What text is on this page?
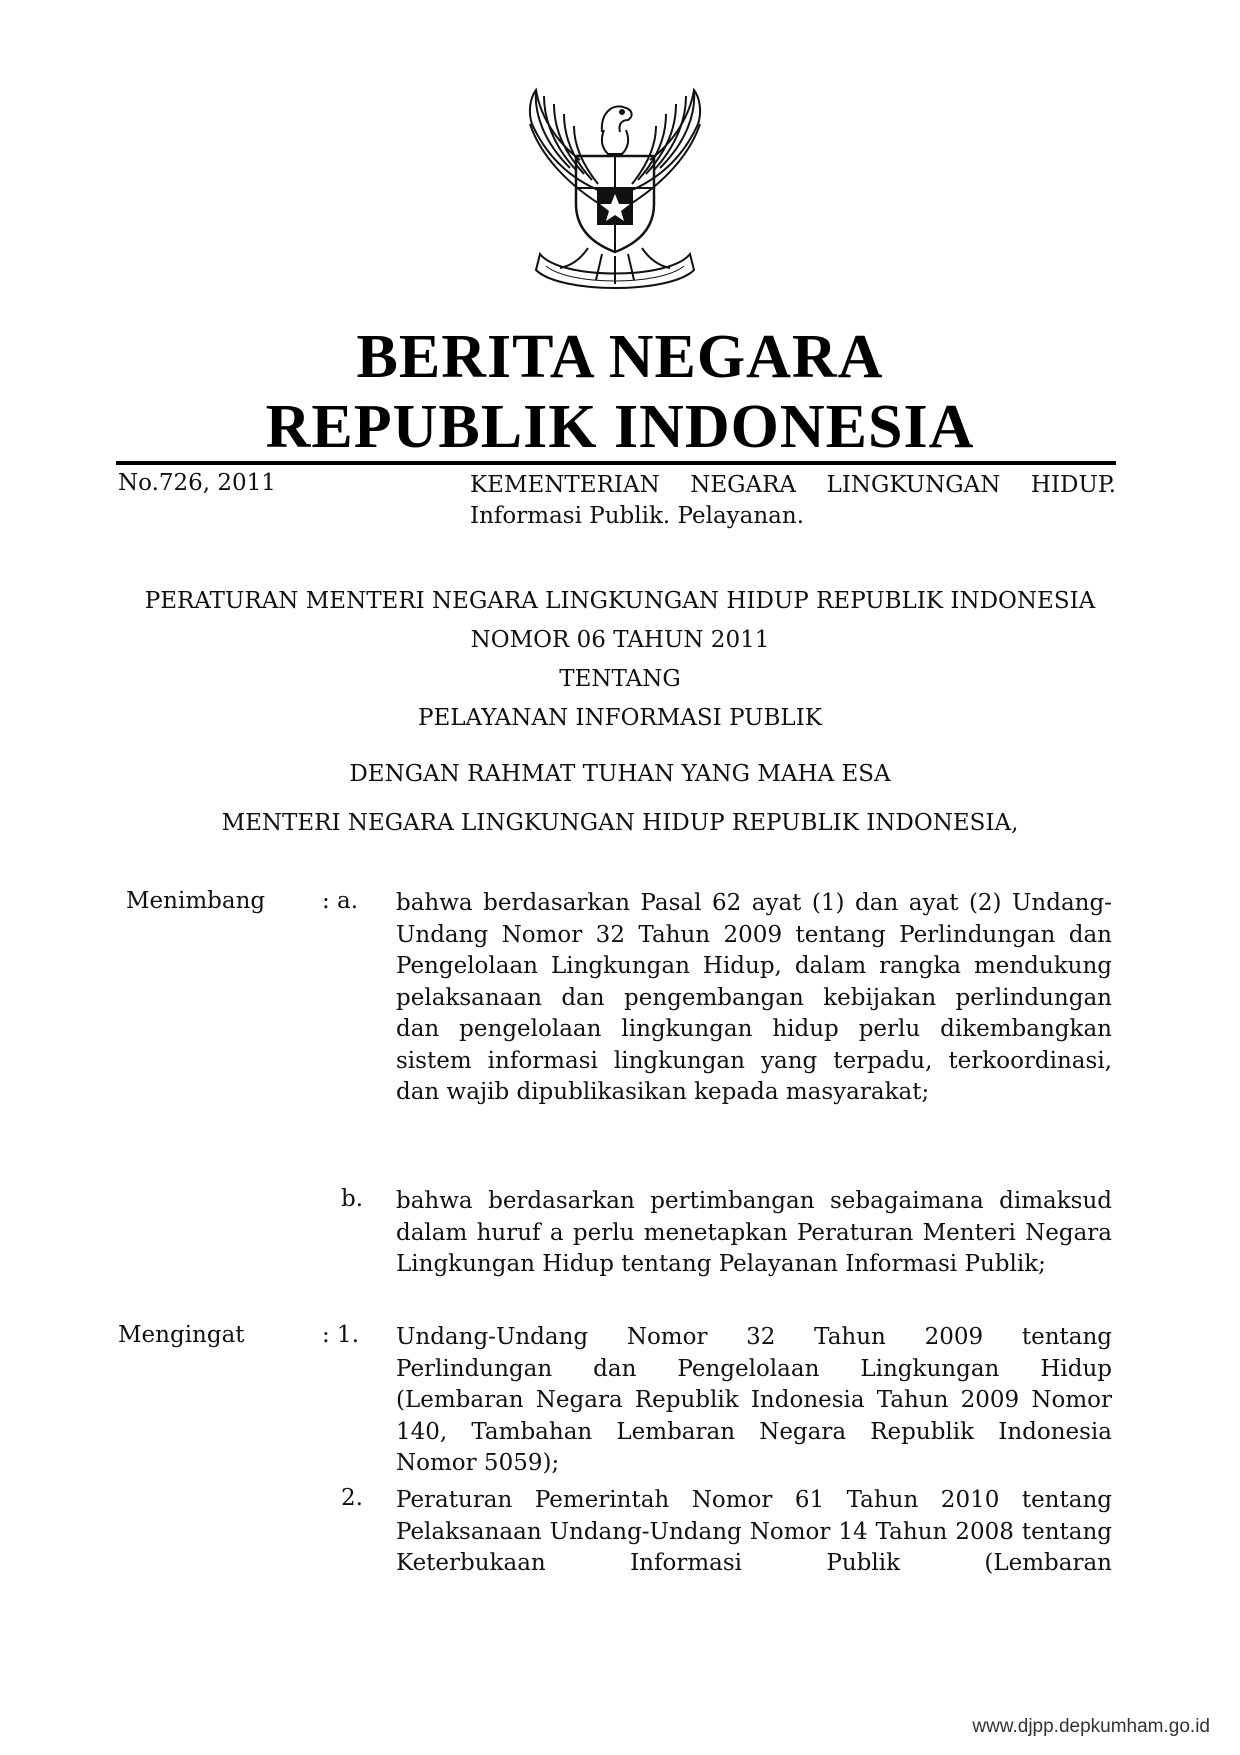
BERITA NEGARA
REPUBLIK INDONESIA
No.726, 2011	KEMENTERIAN NEGARA LINGKUNGAN HIDUP.
Informasi Publik. Pelayanan.
PERATURAN MENTERI NEGARA LINGKUNGAN HIDUP REPUBLIK INDONESIA
NOMOR 06 TAHUN 2011
TENTANG
PELAYANAN INFORMASI PUBLIK
DENGAN RAHMAT TUHAN YANG MAHA ESA
MENTERI NEGARA LINGKUNGAN HIDUP REPUBLIK INDONESIA,
Menimbang : a. bahwa berdasarkan Pasal 62 ayat (1) dan ayat (2) Undang-Undang Nomor 32 Tahun 2009 tentang Perlindungan dan Pengelolaan Lingkungan Hidup, dalam rangka mendukung pelaksanaan dan pengembangan kebijakan perlindungan dan pengelolaan lingkungan hidup perlu dikembangkan sistem informasi lingkungan yang terpadu, terkoordinasi, dan wajib dipublikasikan kepada masyarakat;
b. bahwa berdasarkan pertimbangan sebagaimana dimaksud dalam huruf a perlu menetapkan Peraturan Menteri Negara Lingkungan Hidup tentang Pelayanan Informasi Publik;
Mengingat	: 1. Undang-Undang Nomor 32 Tahun 2009 tentang Perlindungan dan Pengelolaan Lingkungan Hidup (Lembaran Negara Republik Indonesia Tahun 2009 Nomor 140, Tambahan Lembaran Negara Republik Indonesia Nomor 5059);
2. Peraturan Pemerintah Nomor 61 Tahun 2010 tentang Pelaksanaan Undang-Undang Nomor 14 Tahun 2008 tentang Keterbukaan Informasi Publik (Lembaran
www.djpp.depkumham.go.id
